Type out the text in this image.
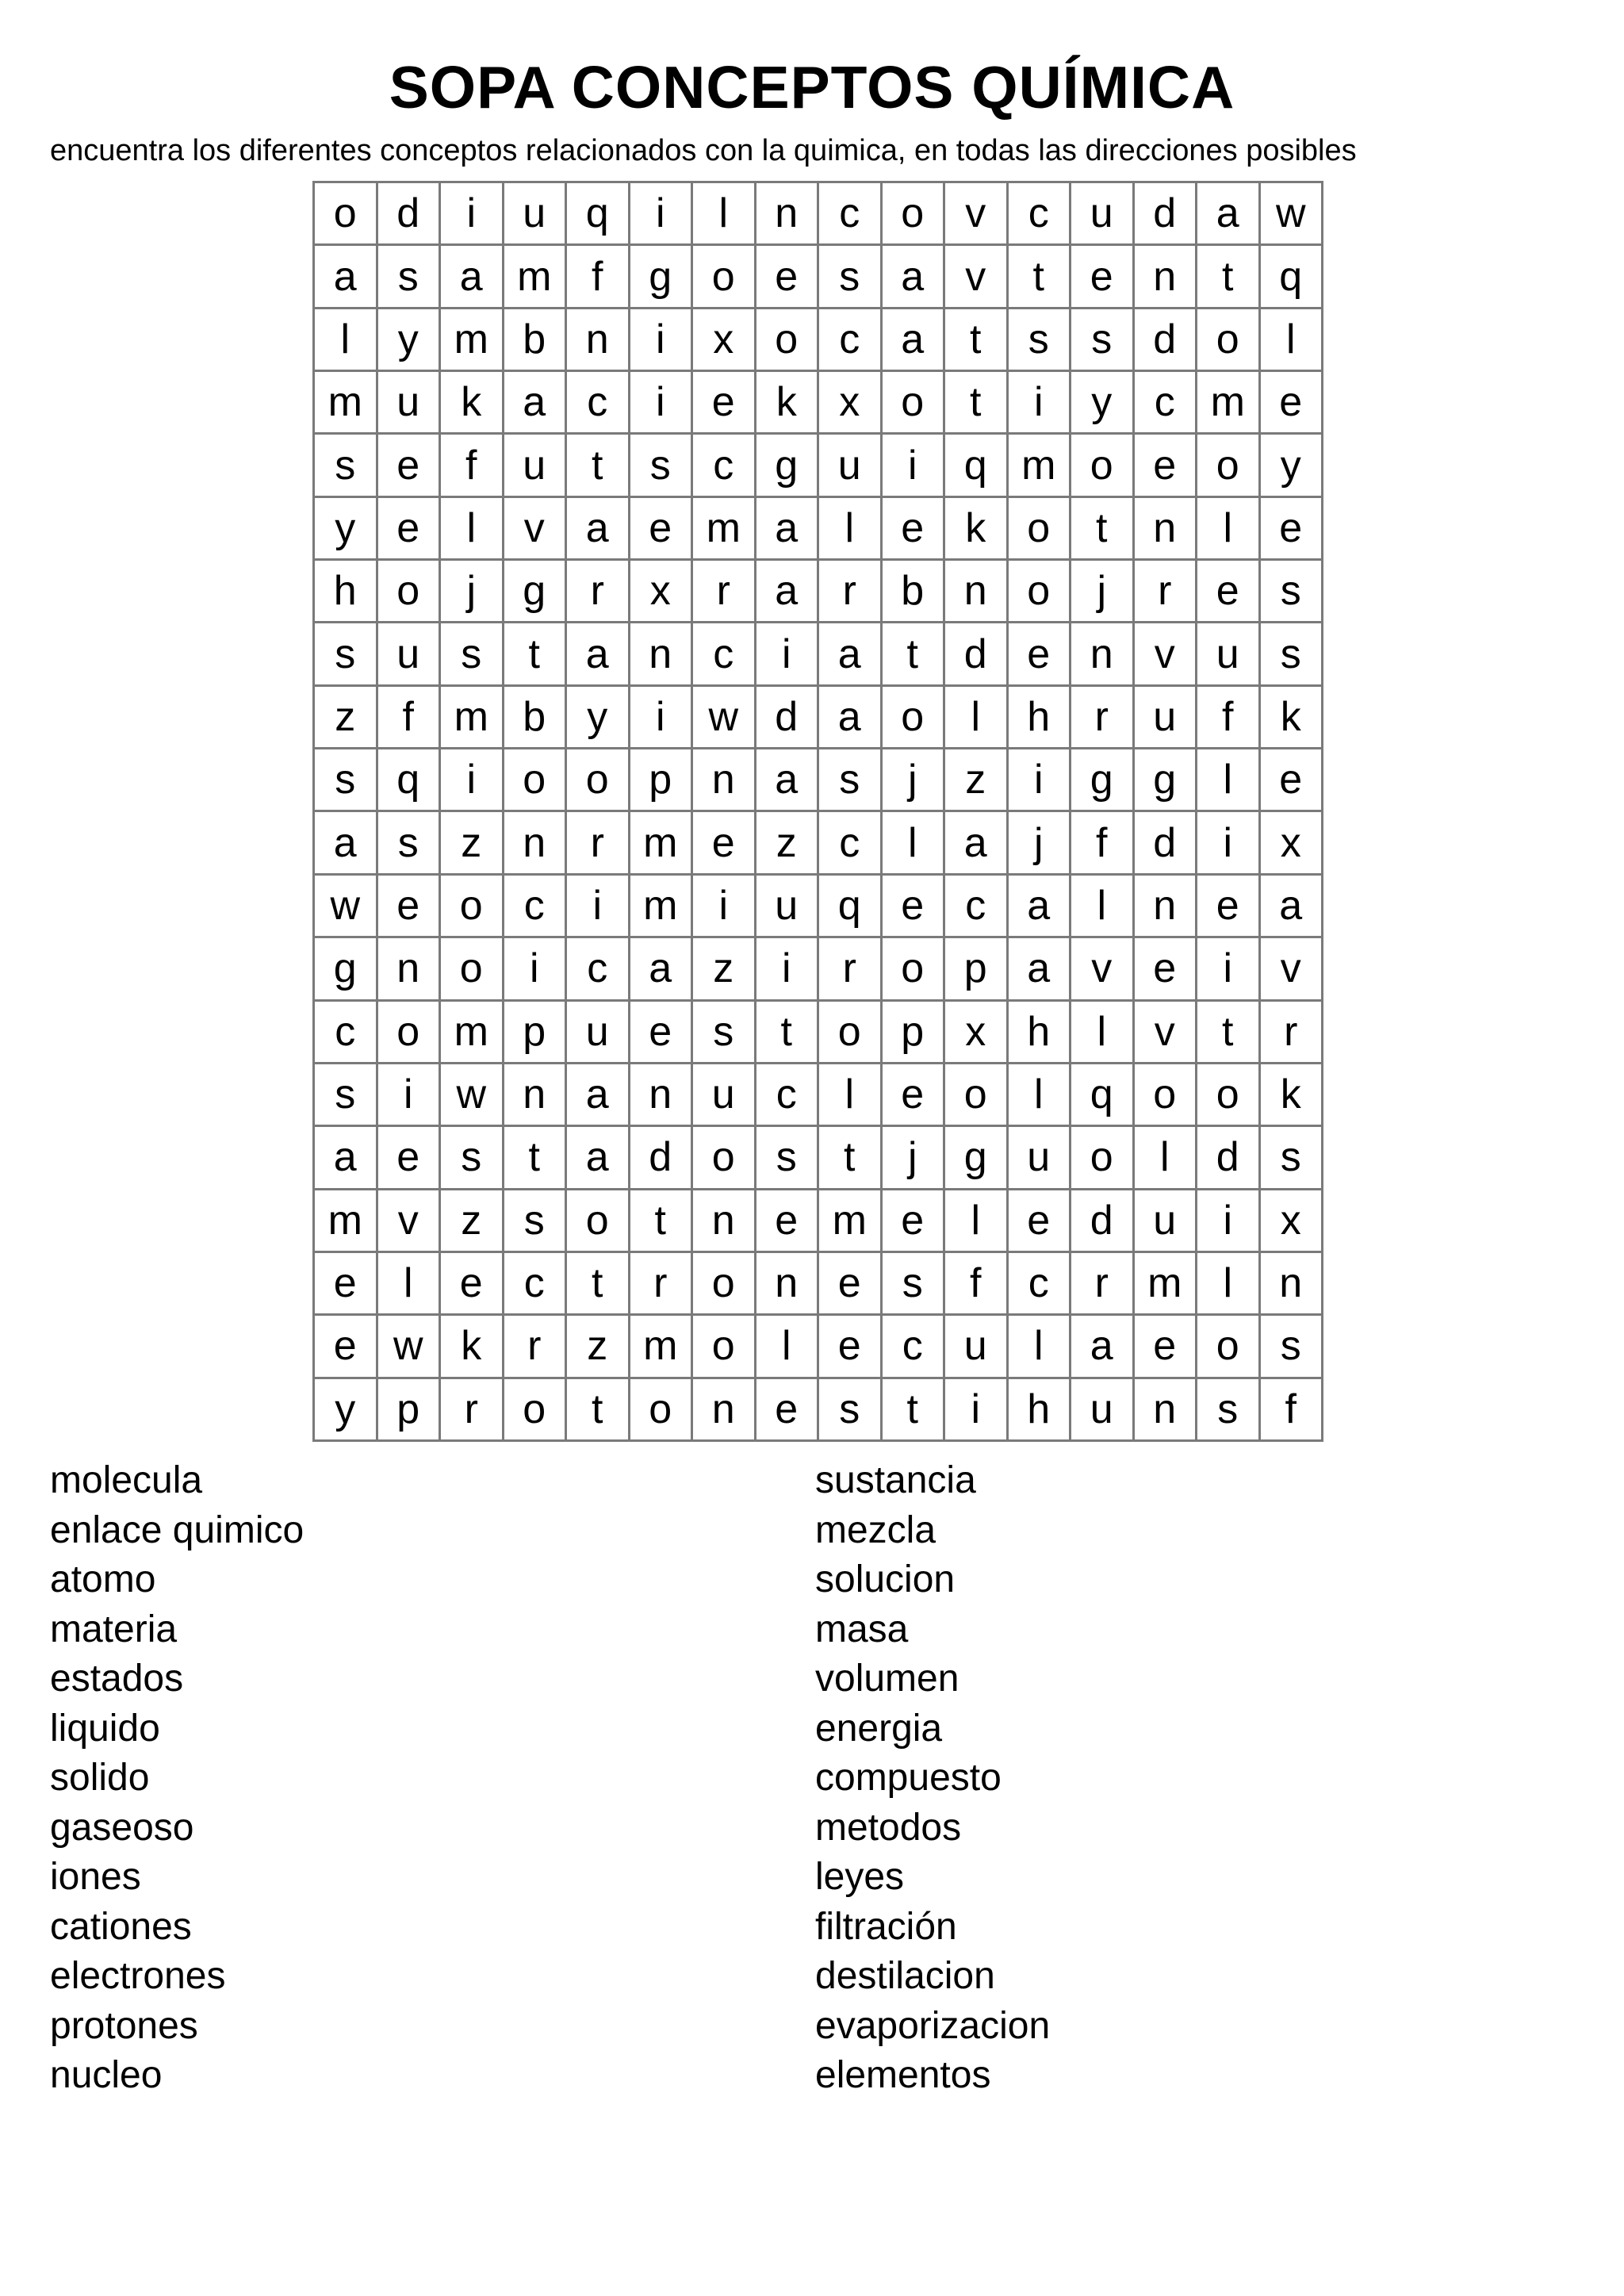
SOPA CONCEPTOS QUÍMICA
encuentra los diferentes conceptos relacionados con la quimica, en todas las direcciones posibles
o d	i	u q	i	l	n	c	o	v	c	u d a w
a	s	a m f	g o e	s	a	v	t	e n	t	q
l	y m b n	i	x	o	c	a	t	s	s	d o	l
m u	k	a	c	i	e	k	x	o	t	i	y	c m e
s	e	f	u	t	s	c	g u	i	q m o e o	y
y	e	l	v	a e m a	l	e	k	o	t	n	l	e
h o	j	g	r	x	r	a	r	b n o	j	r	e	s
s	u	s	t	a n	c	i	a	t	d e n	v	u	s
z	f m b	y	i	w d a o	l	h	r	u	f	k
s	q	i	o o p n a	s	j	z	i	g g	l	e
a	s	z	n	r m e	z	c	l	a	j	f	d	i	x
w e o	c	i	m	i	u q e	c	a	l	n e a
g n o	i	c	a	z	i	r	o p a	v	e	i	v
c	o m p u e	s	t	o p	x	h	l	v	t	r
s	i	w n a n u	c	l	e o	l	q o o	k
a e	s	t	a d o	s	t	j	g u o	l	d	s
m v	z	s	o	t	n e m e	l	e d u	i	x
e	l	e	c	t	r	o n e	s	f	c	r m	l	n
e w k	r	z m o	l	e	c	u	l	a e o	s
y	p	r	o	t	o n e	s	t	i	h u n	s	f
molecula
enlace quimico
atomo
materia
estados
liquido
solido
gaseoso
iones
cationes
electrones
protones
nucleo
sustancia
mezcla
solucion
masa
volumen
energia
compuesto
metodos
leyes
filtración
destilacion
evaporizacion
elementos
